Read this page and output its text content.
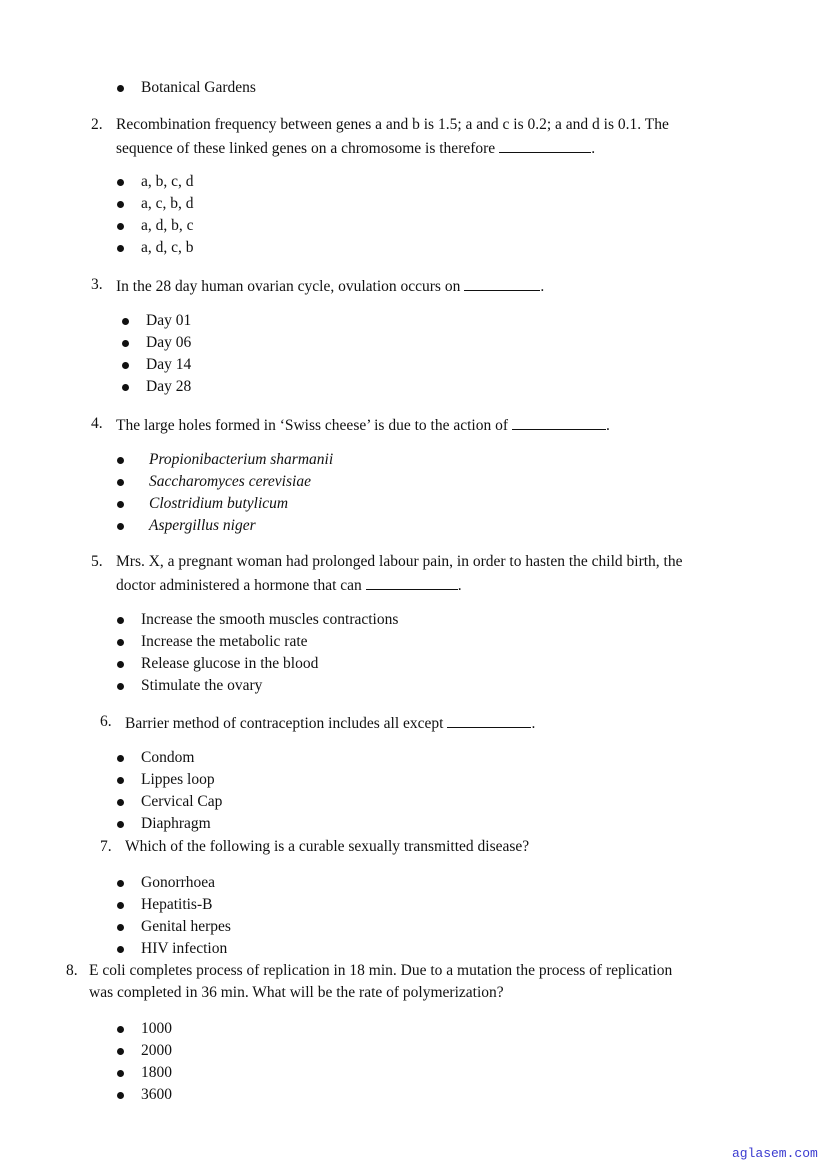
Botanical Gardens
2. Recombination frequency between genes a and b is 1.5; a and c is 0.2; a and d is 0.1. The
sequence of these linked genes on a chromosome is therefore	.
a, b, c, d
a, c, b, d
a, d, b, c
a, d, c, b
3. In the 28 day human ovarian cycle, ovulation occurs on	.
Day 01
Day 06
Day 14
Day 28
4. The large holes formed in ‘Swiss cheese’ is due to the action of	.
Propionibacterium sharmanii
Saccharomyces cerevisiae
Clostridium butylicum
Aspergillus niger
5. Mrs. X, a pregnant woman had prolonged labour pain, in order to hasten the child birth, the
doctor administered a hormone that can	.
Increase the smooth muscles contractions
Increase the metabolic rate
Release glucose in the blood
Stimulate the ovary
6. Barrier method of contraception includes all except	.
Condom
Lippes loop
Cervical Cap
Diaphragm
7. Which of the following is a curable sexually transmitted disease?
Gonorrhoea
Hepatitis-B
Genital herpes
HIV infection
8. E coli completes process of replication in 18 min. Due to a mutation the process of replication
was completed in 36 min. What will be the rate of polymerization?
1000
2000
1800
3600
aglasem.com
